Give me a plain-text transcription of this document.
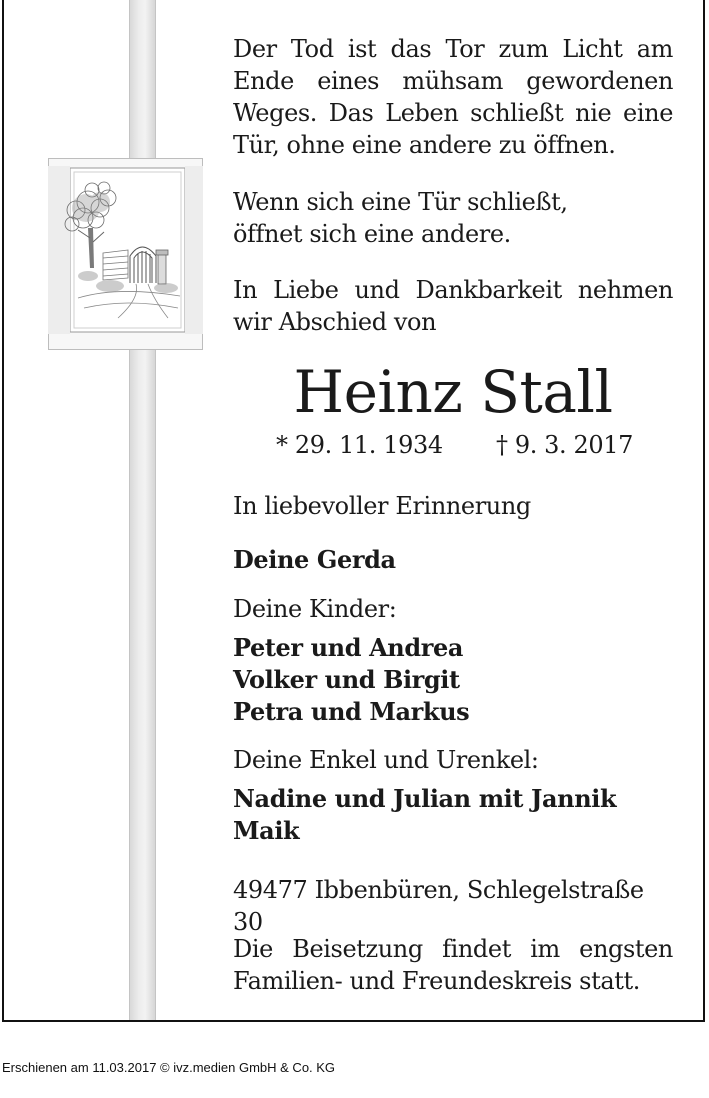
Der Tod ist das Tor zum Licht am
Ende eines mühsam gewordenen
Weges. Das Leben schließt nie eine
Tür, ohne eine andere zu öffnen.
Wenn sich eine Tür schließt,
öffnet sich eine andere.
In Liebe und Dankbarkeit nehmen
wir Abschied von
Heinz Stall
* 29. 11. 1934 † 9. 3. 2017
In liebevoller Erinnerung
Deine Gerda
Deine Kinder:
Peter und Andrea
Volker und Birgit
Petra und Markus
Deine Enkel und Urenkel:
Nadine und Julian mit Jannik
Maik
49477 Ibbenbüren, Schlegelstraße 30
Die Beisetzung findet im engsten
Familien- und Freundeskreis statt.
Erschienen am 11.03.2017 © ivz.medien GmbH & Co. KG
